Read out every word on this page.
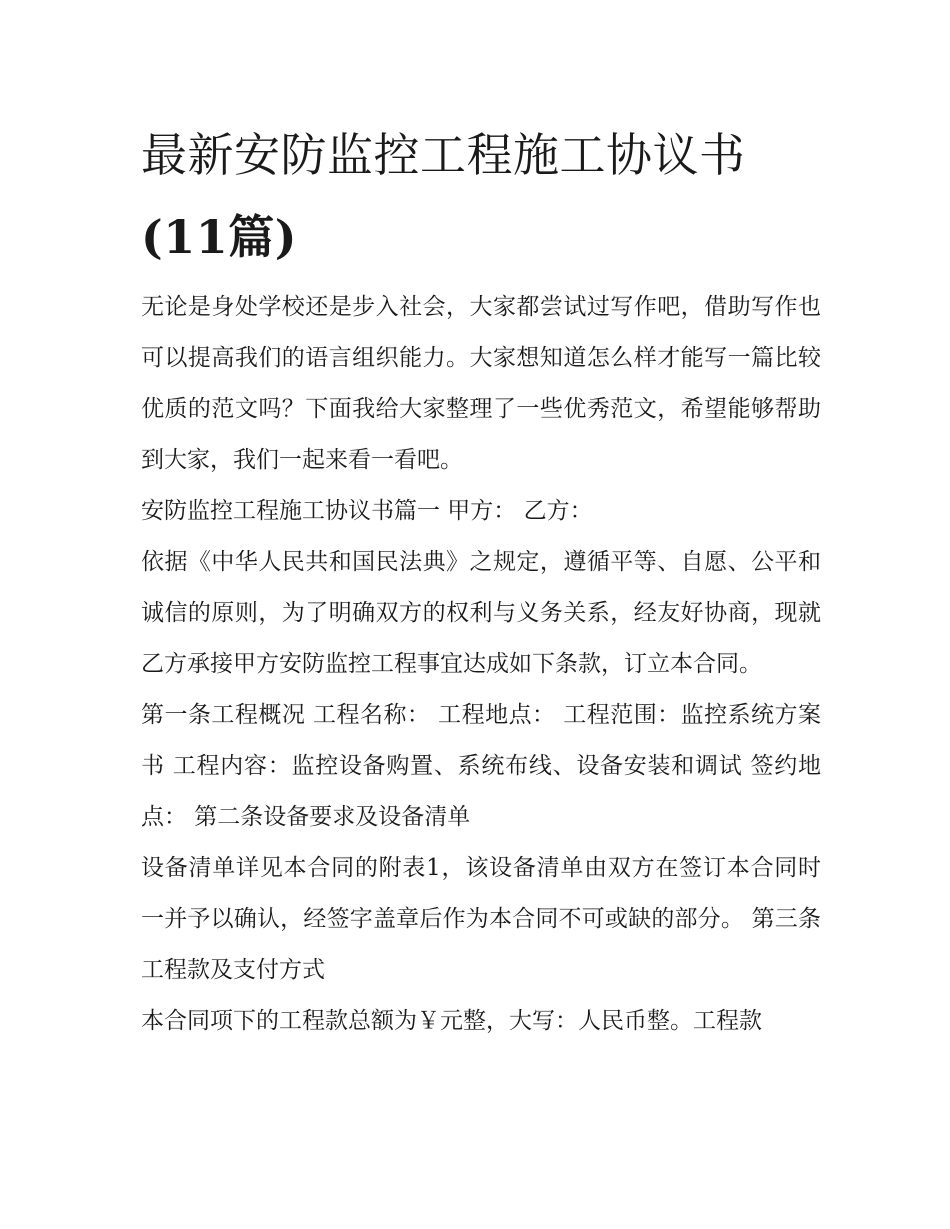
最新安防监控工程施工协议书
(11篇)

无论是身处学校还是步入社会，大家都尝试过写作吧，借助写作也可以提高我们的语言组织能力。大家想知道怎么样才能写一篇比较优质的范文吗？下面我给大家整理了一些优秀范文，希望能够帮助到大家，我们一起来看一看吧。

安防监控工程施工协议书篇一 甲方： 乙方：

依据《中华人民共和国民法典》之规定，遵循平等、自愿、公平和诚信的原则，为了明确双方的权利与义务关系，经友好协商，现就乙方承接甲方安防监控工程事宜达成如下条款，订立本合同。

第一条工程概况 工程名称： 工程地点： 工程范围：监控系统方案书 工程内容：监控设备购置、系统布线、设备安装和调试 签约地点： 第二条设备要求及设备清单

设备清单详见本合同的附表1，该设备清单由双方在签订本合同时一并予以确认，经签字盖章后作为本合同不可或缺的部分。 第三条工程款及支付方式

本合同项下的工程款总额为￥元整，大写：人民币整。工程款
